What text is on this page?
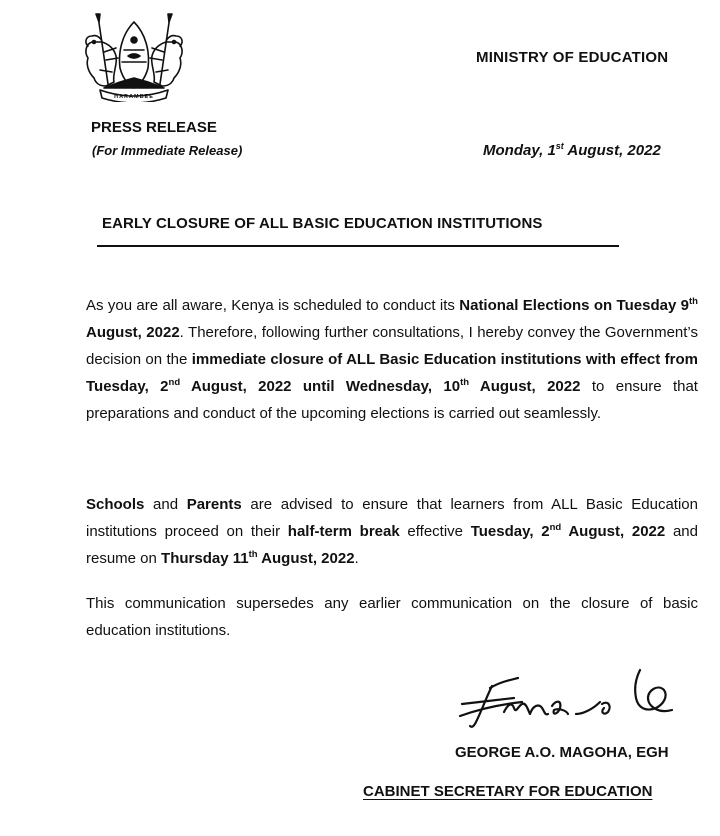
HARAMBEE
MINISTRY OF EDUCATION
PRESS RELEASE
(For Immediate Release)	Monday, 1st August, 2022
EARLY CLOSURE OF ALL BASIC EDUCATION INSTITUTIONS
As you are all aware, Kenya is scheduled to conduct its National Elections on Tuesday 9th August, 2022. Therefore, following further consultations, I hereby convey the Government’s decision on the immediate closure of ALL Basic Education institutions with effect from Tuesday, 2nd August, 2022 until Wednesday, 10th August, 2022 to ensure that preparations and conduct of the upcoming elections is carried out seamlessly.
Schools and Parents are advised to ensure that learners from ALL Basic Education institutions proceed on their half-term break effective Tuesday, 2nd August, 2022 and resume on Thursday 11th August, 2022.
This communication supersedes any earlier communication on the closure of basic education institutions.
GEORGE A.O. MAGOHA, EGH
CABINET SECRETARY FOR EDUCATION
